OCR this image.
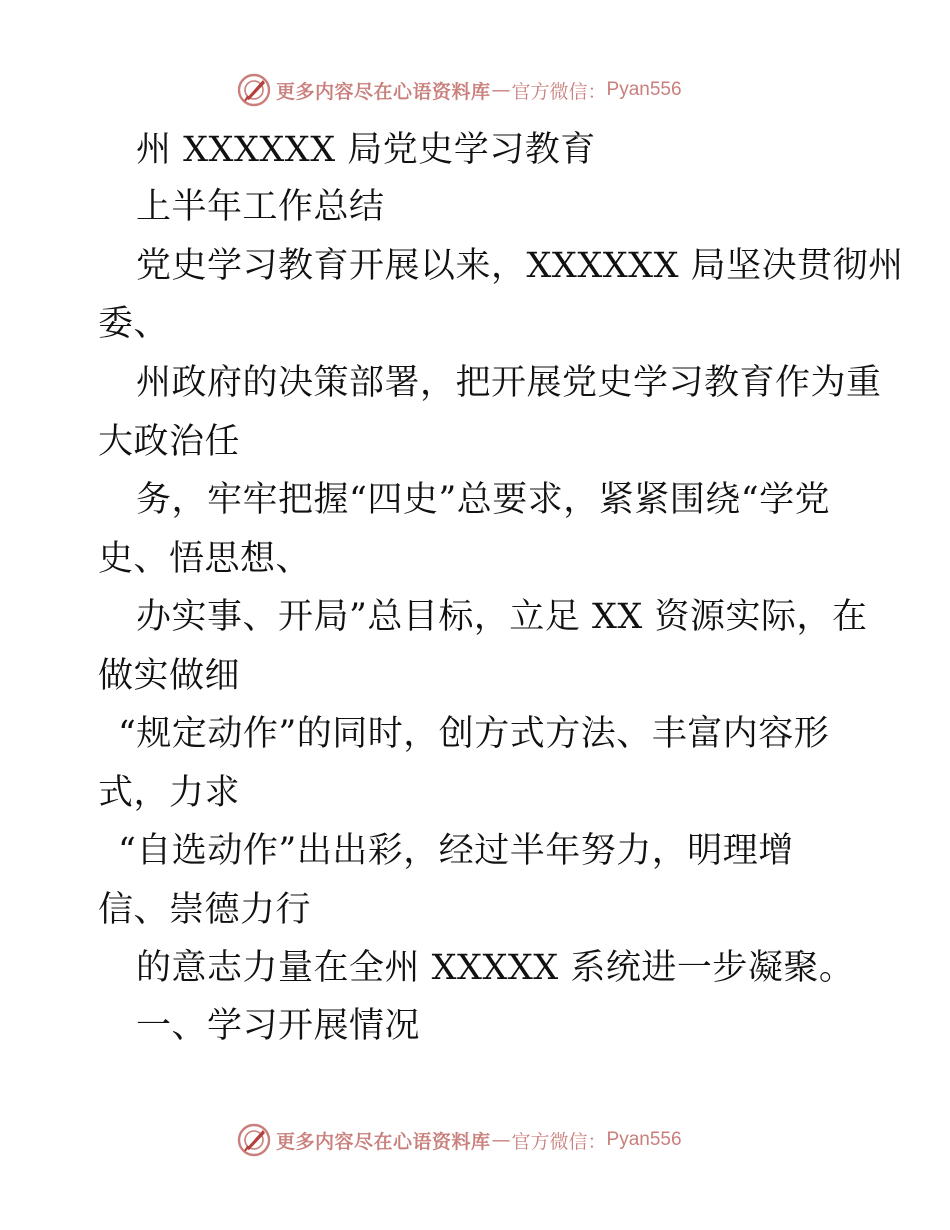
更多内容尽在心语资料库 — 官方微信： Pyan556
州 XXXXXX 局党史学习教育
上半年工作总结
党史学习教育开展以来，XXXXXX 局坚决贯彻州
委、
州政府的决策部署，把开展党史学习教育作为重
大政治任
务，牢牢把握“四史”总要求，紧紧围绕“学党
史、悟思想、
办实事、开局”总目标，立足 XX 资源实际，在
做实做细
“规定动作”的同时，创方式方法、丰富内容形
式，力求
“自选动作”出出彩，经过半年努力，明理增
信、崇德力行
的意志力量在全州 XXXXX 系统进一步凝聚。
一、学习开展情况
更多内容尽在心语资料库 — 官方微信： Pyan556
